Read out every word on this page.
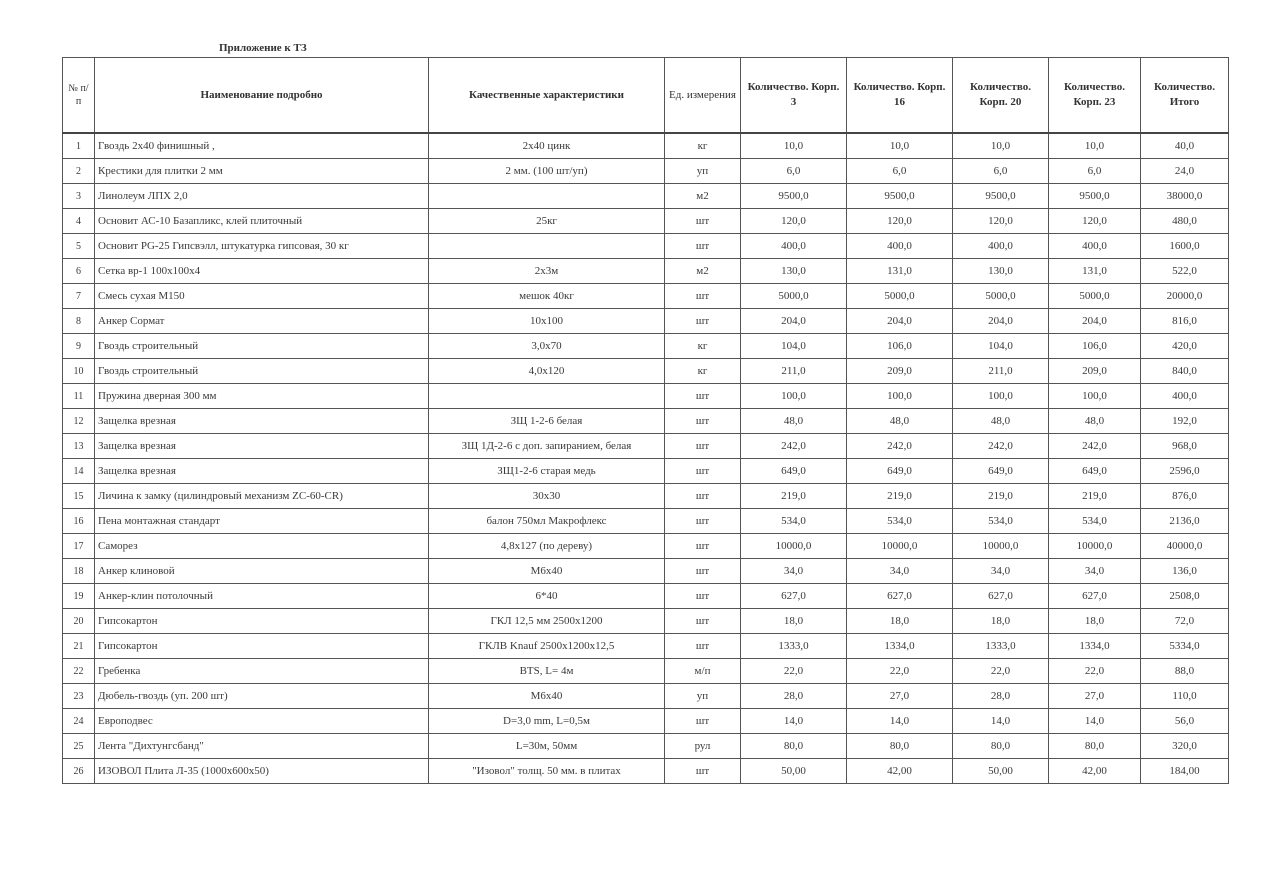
Приложение к ТЗ
№ п/п	Наименование подробно	Качественные характеристики	Ед. измерения	Количество. Корп. 3	Количество. Корп. 16	Количество. Корп. 20	Количество. Корп. 23	Количество. Итого
1	Гвоздь 2х40 финишный ,	2х40 цинк	кг	10,0	10,0	10,0	10,0	40,0
2	Крестики для плитки 2 мм	2 мм. (100 шт/уп)	уп	6,0	6,0	6,0	6,0	24,0
3	Линолеум ЛПХ 2,0		м2	9500,0	9500,0	9500,0	9500,0	38000,0
4	Основит АС-10 Базапликс, клей плиточный	25кг	шт	120,0	120,0	120,0	120,0	480,0
5	Основит PG-25 Гипсвэлл, штукатурка гипсовая, 30 кг		шт	400,0	400,0	400,0	400,0	1600,0
6	Сетка вр-1 100х100х4	2х3м	м2	130,0	131,0	130,0	131,0	522,0
7	Смесь сухая М150	мешок 40кг	шт	5000,0	5000,0	5000,0	5000,0	20000,0
8	Анкер Сормат	10х100	шт	204,0	204,0	204,0	204,0	816,0
9	Гвоздь строительный	3,0х70	кг	104,0	106,0	104,0	106,0	420,0
10	Гвоздь строительный	4,0х120	кг	211,0	209,0	211,0	209,0	840,0
11	Пружина дверная 300 мм		шт	100,0	100,0	100,0	100,0	400,0
12	Защелка врезная	ЗЩ 1-2-6 белая	шт	48,0	48,0	48,0	48,0	192,0
13	Защелка врезная	ЗЩ 1Д-2-6 с доп. запиранием, белая	шт	242,0	242,0	242,0	242,0	968,0
14	Защелка врезная	ЗЩ1-2-6 старая медь	шт	649,0	649,0	649,0	649,0	2596,0
15	Личина к замку (цилиндровый механизм ZC-60-CR)	30х30	шт	219,0	219,0	219,0	219,0	876,0
16	Пена монтажная стандарт	балон 750мл Макрофлекс	шт	534,0	534,0	534,0	534,0	2136,0
17	Саморез	4,8х127 (по дереву)	шт	10000,0	10000,0	10000,0	10000,0	40000,0
18	Анкер клиновой	М6х40	шт	34,0	34,0	34,0	34,0	136,0
19	Анкер-клин потолочный	6*40	шт	627,0	627,0	627,0	627,0	2508,0
20	Гипсокартон	ГКЛ 12,5 мм 2500х1200	шт	18,0	18,0	18,0	18,0	72,0
21	Гипсокартон	ГКЛВ Knauf 2500х1200х12,5	шт	1333,0	1334,0	1333,0	1334,0	5334,0
22	Гребенка	BTS, L= 4м	м/п	22,0	22,0	22,0	22,0	88,0
23	Дюбель-гвоздь (уп. 200 шт)	М6х40	уп	28,0	27,0	28,0	27,0	110,0
24	Европодвес	D=3,0 mm, L=0,5м	шт	14,0	14,0	14,0	14,0	56,0
25	Лента "Дихтунгсбанд"	L=30м, 50мм	рул	80,0	80,0	80,0	80,0	320,0
26	ИЗОВОЛ Плита Л-35 (1000х600х50)	"Изовол" толщ. 50 мм. в плитах	шт	50,00	42,00	50,00	42,00	184,00
